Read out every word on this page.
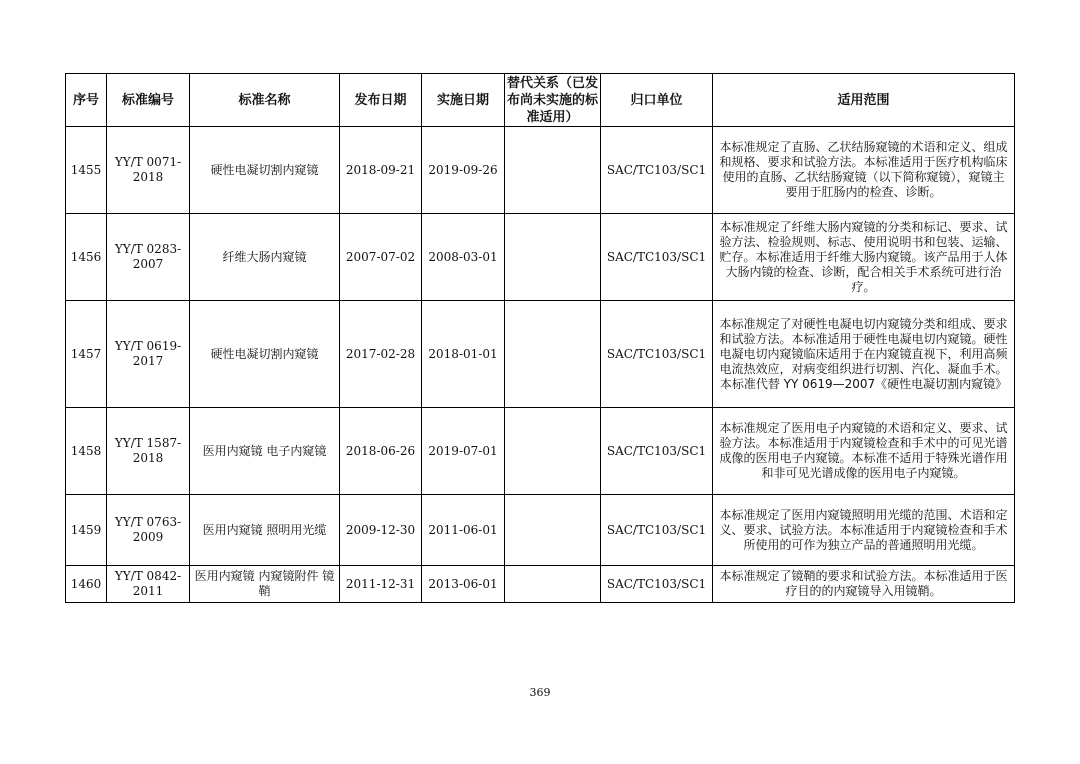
序号	标准编号	标准名称	发布日期	实施日期	替代关系（已发布尚未实施的标准适用）	归口单位	适用范围
1455	YY/T 0071-2018	硬性电凝切割内窥镜	2018-09-21	2019-09-26		SAC/TC103/SC1	本标准规定了直肠、乙状结肠窥镜的术语和定义、组成和规格、要求和试验方法。本标准适用于医疗机构临床使用的直肠、乙状结肠窥镜（以下简称窥镜），窥镜主要用于肛肠内的检查、诊断。
1456	YY/T 0283-2007	纤维大肠内窥镜	2007-07-02	2008-03-01		SAC/TC103/SC1	本标准规定了纤维大肠内窥镜的分类和标记、要求、试验方法、检验规则、标志、使用说明书和包装、运输、贮存。本标准适用于纤维大肠内窥镜。该产品用于人体大肠内镜的检查、诊断，配合相关手术系统可进行治疗。
1457	YY/T 0619-2017	硬性电凝切割内窥镜	2017-02-28	2018-01-01		SAC/TC103/SC1	本标准规定了对硬性电凝电切内窥镜分类和组成、要求和试验方法。本标准适用于硬性电凝电切内窥镜。硬性电凝电切内窥镜临床适用于在内窥镜直视下，利用高频电流热效应，对病变组织进行切割、汽化、凝血手术。本标准代替 YY 0619—2007《硬性电凝切割内窥镜》
1458	YY/T 1587-2018	医用内窥镜 电子内窥镜	2018-06-26	2019-07-01		SAC/TC103/SC1	本标准规定了医用电子内窥镜的术语和定义、要求、试验方法。本标准适用于内窥镜检查和手术中的可见光谱成像的医用电子内窥镜。本标准不适用于特殊光谱作用和非可见光谱成像的医用电子内窥镜。
1459	YY/T 0763-2009	医用内窥镜 照明用光缆	2009-12-30	2011-06-01		SAC/TC103/SC1	本标准规定了医用内窥镜照明用光缆的范围、术语和定义、要求、试验方法。本标准适用于内窥镜检查和手术所使用的可作为独立产品的普通照明用光缆。
1460	YY/T 0842-2011	医用内窥镜 内窥镜附件 镜鞘	2011-12-31	2013-06-01		SAC/TC103/SC1	本标准规定了镜鞘的要求和试验方法。本标准适用于医疗目的的内窥镜导入用镜鞘。
369
